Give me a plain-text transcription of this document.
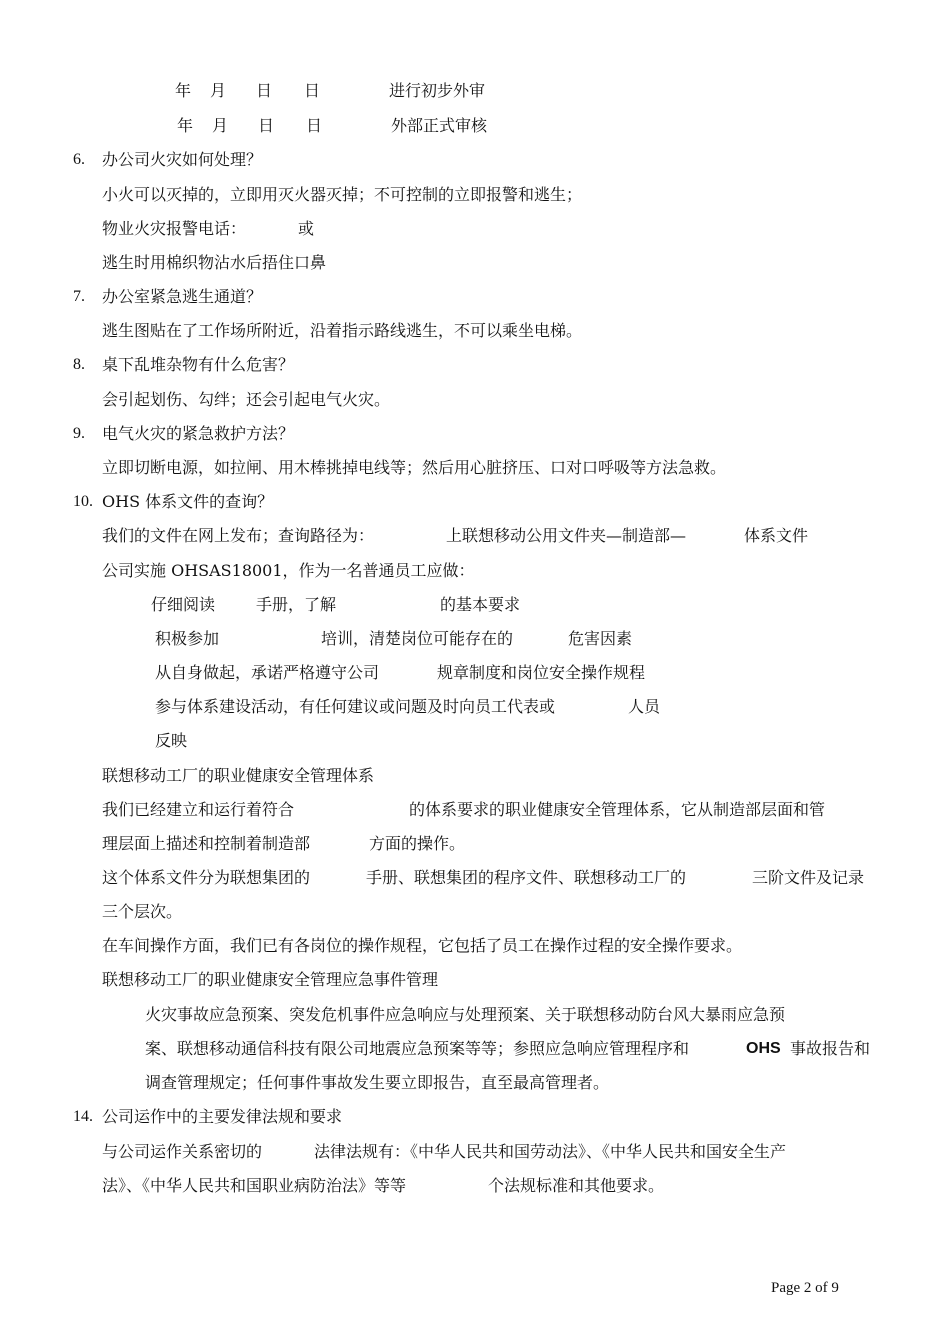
年 月 日 日	进行初步外审
年 月 日 日	外部正式审核
6. 办公司火灾如何处理？
小火可以灭掉的，立即用灭火器灭掉；不可控制的立即报警和逃生；
物业火灾报警电话：	或
逃生时用棉织物沾水后捂住口鼻
7. 办公室紧急逃生通道？
逃生图贴在了工作场所附近，沿着指示路线逃生，不可以乘坐电梯。
8. 桌下乱堆杂物有什么危害？
会引起划伤、勾绊；还会引起电气火灾。
9. 电气火灾的紧急救护方法？
立即切断电源，如拉闸、用木棒挑掉电线等；然后用心脏挤压、口对口呼吸等方法急救。
10. OHS 体系文件的查询？
我们的文件在网上发布；查询路径为：	上联想移动公用文件夹—制造部—	体系文件
公司实施 OHSAS18001，作为一名普通员工应做：
仔细阅读	手册，了解	的基本要求
积极参加	培训，清楚岗位可能存在的	危害因素
从自身做起，承诺严格遵守公司	规章制度和岗位安全操作规程
参与体系建设活动，有任何建议或问题及时向员工代表或	人员
反映
联想移动工厂的职业健康安全管理体系
我们已经建立和运行着符合	的体系要求的职业健康安全管理体系，它从制造部层面和管
理层面上描述和控制着制造部	方面的操作。
这个体系文件分为联想集团的	手册、联想集团的程序文件、联想移动工厂的	三阶文件及记录
三个层次。
在车间操作方面，我们已有各岗位的操作规程，它包括了员工在操作过程的安全操作要求。
联想移动工厂的职业健康安全管理应急事件管理
火灾事故应急预案、突发危机事件应急响应与处理预案、关于联想移动防台风大暴雨应急预
案、联想移动通信科技有限公司地震应急预案等等；参照应急响应管理程序和	OHS 事故报告和
调查管理规定；任何事件事故发生要立即报告，直至最高管理者。
14. 公司运作中的主要发律法规和要求
与公司运作关系密切的	法律法规有：《中华人民共和国劳动法》、《中华人民共和国安全生产
法》、《中华人民共和国职业病防治法》等等	个法规标准和其他要求。
Page 2 of 9
